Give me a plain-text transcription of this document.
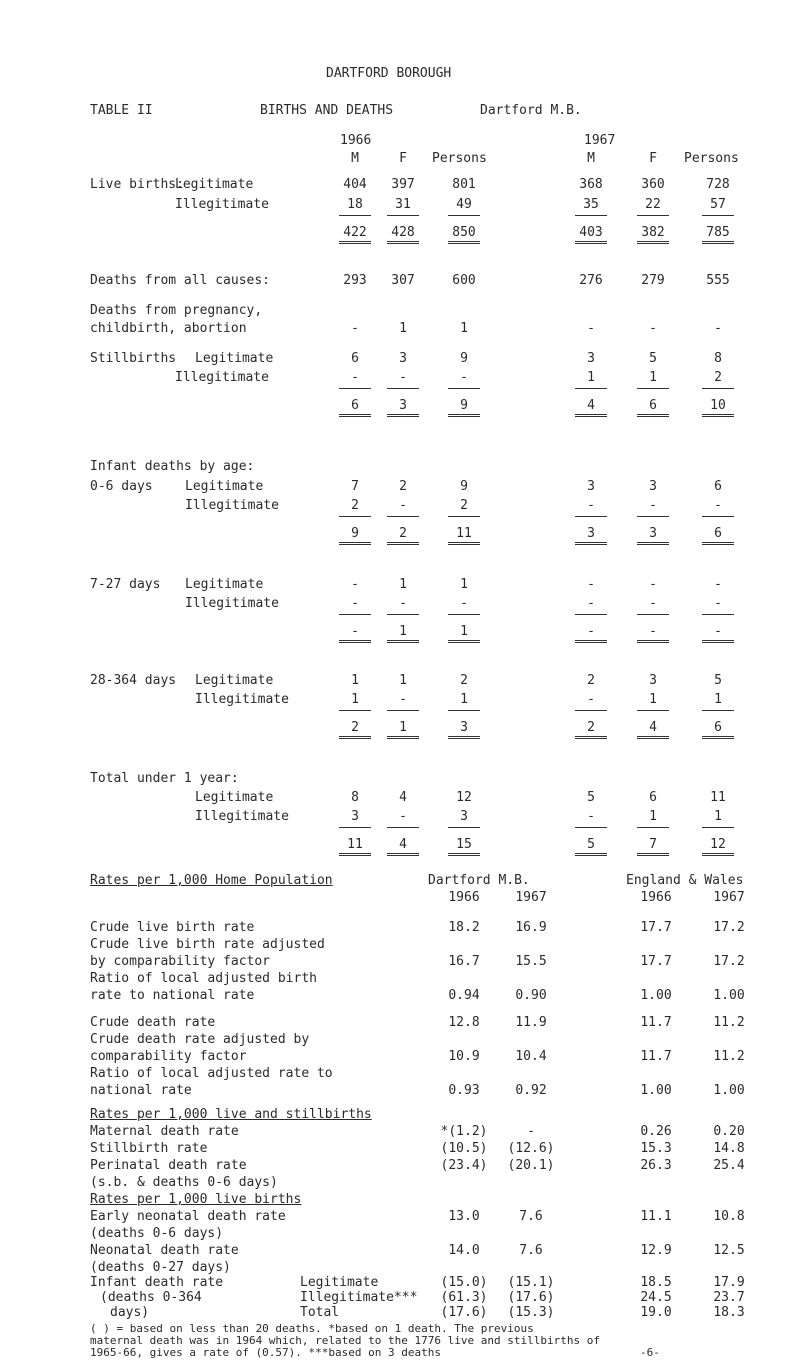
DARTFORD BOROUGH
TABLE II	BIRTHS AND DEATHS	Dartford M.B.
1966	1967
M	F	Persons	M	F	Persons
Live births:
Legitimate	404	397	801	368	360	728
Illegitimate	18	31	49	35	22	57
422	428	850	403	382	785
Deaths from all causes:	293	307	600	276	279	555
Deaths from pregnancy,
childbirth, abortion	-	1	1	-	-	-
Stillbirths Legitimate	6	3	9	3	5	8
Illegitimate	-	-	-	1	1	2
6	3	9	4	6	10
Infant deaths by age:
0-6 days Legitimate	7	2	9	3	3	6
Illegitimate	2	-	2	-	-	-
9	2	11	3	3	6
7-27 days Legitimate	-	1	1	-	-	-
Illegitimate	-	-	-	-	-	-
-	1	1	-	-	-
28-364 days Legitimate	1	1	2	2	3	5
Illegitimate	1	-	1	-	1	1
2	1	3	2	4	6
Total under 1 year:
Legitimate	8	4	12	5	6	11
Illegitimate	3	-	3	-	1	1
11	4	15	5	7	12
Rates per 1,000 Home Population	Dartford M.B.	England & Wales
1966	1967	1966	1967
Crude live birth rate	18.2	16.9	17.7	17.2
Crude live birth rate adjusted
by comparability factor	16.7	15.5	17.7	17.2
Ratio of local adjusted birth
rate to national rate	0.94	0.90	1.00	1.00
Crude death rate	12.8	11.9	11.7	11.2
Crude death rate adjusted by
comparability factor	10.9	10.4	11.7	11.2
Ratio of local adjusted rate to
national rate	0.93	0.92	1.00	1.00
Maternal death rate	*(1.2)	-	0.26	0.20
Stillbirth rate	(10.5)	(12.6)	15.3	14.8
Perinatal death rate	(23.4)	(20.1)	26.3	25.4
(s.b. & deaths 0-6 days)
Early neonatal death rate	13.0	7.6	11.1	10.8
(deaths 0-6 days)
Neonatal death rate	14.0	7.6	12.9	12.5
(deaths 0-27 days)
Rates per 1,000 live and stillbirths
Rates per 1,000 live births
Infant death rate	Legitimate	(15.0)	(15.1)	18.5	17.9
(deaths 0-364	Illegitimate***	(61.3)	(17.6)	24.5	23.7
days)	Total	(17.6)	(15.3)	19.0	18.3
( ) = based on less than 20 deaths. *based on 1 death. The previous
maternal death was in 1964 which, related to the 1776 live and stillbirths of
1965-66, gives a rate of (0.57). ***based on 3 deaths	-6-
